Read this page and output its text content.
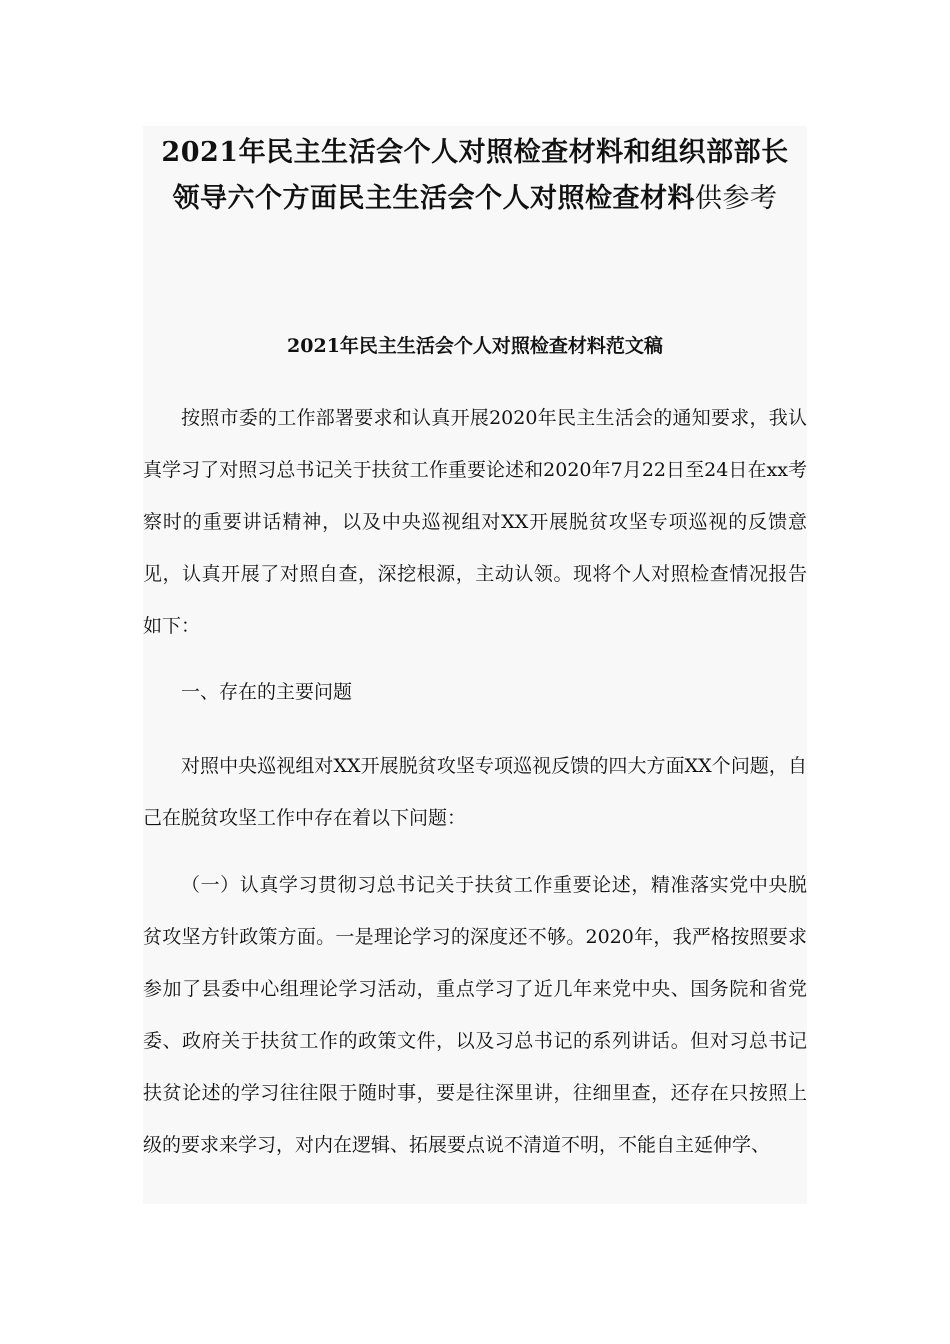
2021年民主生活会个人对照检查材料和组织部部长
领导六个方面民主生活会个人对照检查材料供参考
2021年民主生活会个人对照检查材料范文稿

按照市委的工作部署要求和认真开展2020年民主生活会的通知要求，我认真学习了对照习总书记关于扶贫工作重要论述和2020年7月22日至24日在xx考察时的重要讲话精神，以及中央巡视组对XX开展脱贫攻坚专项巡视的反馈意见，认真开展了对照自查，深挖根源，主动认领。现将个人对照检查情况报告如下：

一、存在的主要问题

对照中央巡视组对XX开展脱贫攻坚专项巡视反馈的四大方面XX个问题，自己在脱贫攻坚工作中存在着以下问题：

（一）认真学习贯彻习总书记关于扶贫工作重要论述，精准落实党中央脱贫攻坚方针政策方面。一是理论学习的深度还不够。2020年，我严格按照要求参加了县委中心组理论学习活动，重点学习了近几年来党中央、国务院和省党委、政府关于扶贫工作的政策文件，以及习总书记的系列讲话。但对习总书记扶贫论述的学习往往限于随时事，要是往深里讲，往细里查，还存在只按照上级的要求来学习，对内在逻辑、拓展要点说不清道不明，不能自主延伸学、
